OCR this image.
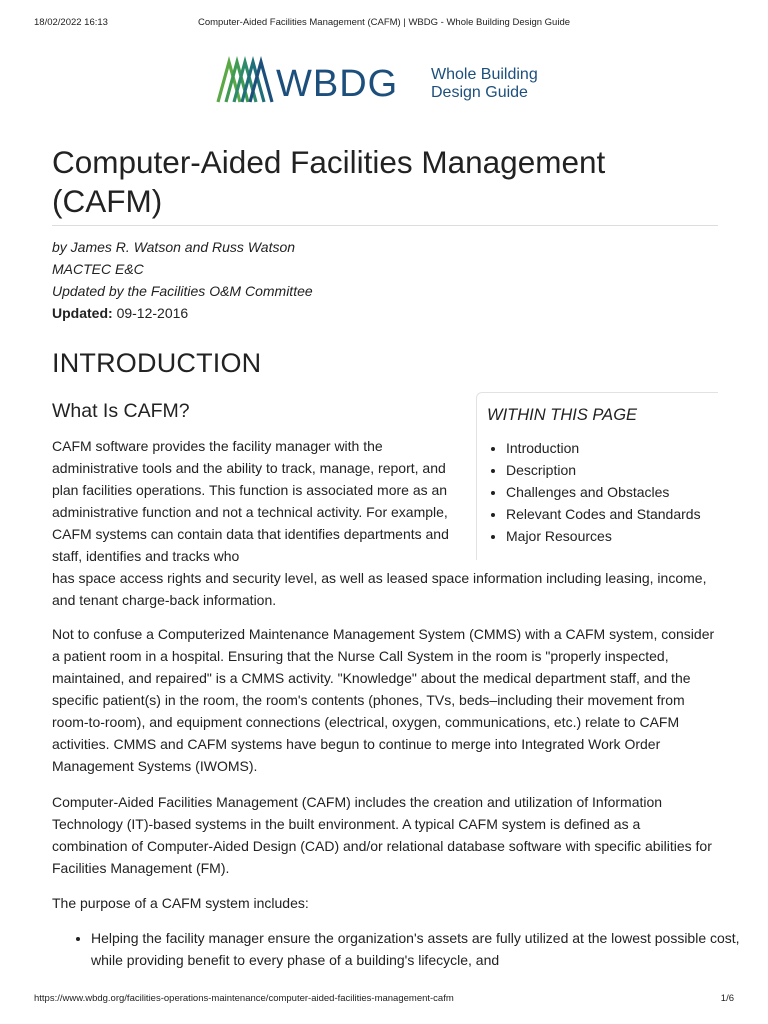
18/02/2022 16:13	Computer-Aided Facilities Management (CAFM) | WBDG - Whole Building Design Guide
WBDG Whole Building
Design Guide
Computer-Aided Facilities Management (CAFM)
by James R. Watson and Russ Watson
MACTEC E&C
Updated by the Facilities O&M Committee
Updated: 09-12-2016
INTRODUCTION
What Is CAFM?	WITHIN THIS PAGE
• Introduction
• Description
• Challenges and Obstacles
• Relevant Codes and Standards
• Major Resources

CAFM software provides the facility manager with the administrative tools and the ability to track, manage, report, and plan facilities operations. This function is associated more as an administrative function and not a technical activity. For example, CAFM systems can contain data that identifies departments and staff, identifies and tracks who

has space access rights and security level, as well as leased space information including leasing, income, and tenant charge-back information.

Not to confuse a Computerized Maintenance Management System (CMMS) with a CAFM system, consider a patient room in a hospital. Ensuring that the Nurse Call System in the room is "properly inspected, maintained, and repaired" is a CMMS activity. "Knowledge" about the medical department staff, and the specific patient(s) in the room, the room's contents (phones, TVs, beds–including their movement from room-to-room), and equipment connections (electrical, oxygen, communications, etc.) relate to CAFM activities. CMMS and CAFM systems have begun to continue to merge into Integrated Work Order Management Systems (IWOMS).

Computer-Aided Facilities Management (CAFM) includes the creation and utilization of Information Technology (IT)-based systems in the built environment. A typical CAFM system is defined as a combination of Computer-Aided Design (CAD) and/or relational database software with specific abilities for Facilities Management (FM).

The purpose of a CAFM system includes:

• Helping the facility manager ensure the organization's assets are fully utilized at the lowest possible cost, while providing benefit to every phase of a building's lifecycle, and
https://www.wbdg.org/facilities-operations-maintenance/computer-aided-facilities-management-cafm	1/6
